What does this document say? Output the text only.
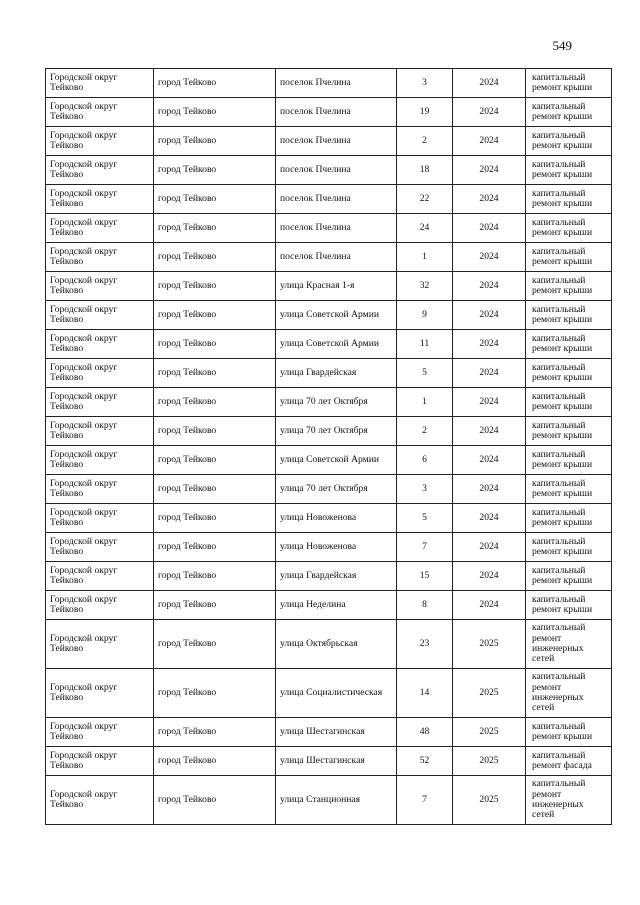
549
Городской округ Тейково	город Тейково	поселок Пчелина	3	2024	капитальный ремонт крыши
Городской округ Тейково	город Тейково	поселок Пчелина	19	2024	капитальный ремонт крыши
Городской округ Тейково	город Тейково	поселок Пчелина	2	2024	капитальный ремонт крыши
Городской округ Тейково	город Тейково	поселок Пчелина	18	2024	капитальный ремонт крыши
Городской округ Тейково	город Тейково	поселок Пчелина	22	2024	капитальный ремонт крыши
Городской округ Тейково	город Тейково	поселок Пчелина	24	2024	капитальный ремонт крыши
Городской округ Тейково	город Тейково	поселок Пчелина	1	2024	капитальный ремонт крыши
Городской округ Тейково	город Тейково	улица Красная 1-я	32	2024	капитальный ремонт крыши
Городской округ Тейково	город Тейково	улица Советской Армии	9	2024	капитальный ремонт крыши
Городской округ Тейково	город Тейково	улица Советской Армии	11	2024	капитальный ремонт крыши
Городской округ Тейково	город Тейково	улица Гвардейская	5	2024	капитальный ремонт крыши
Городской округ Тейково	город Тейково	улица 70 лет Октября	1	2024	капитальный ремонт крыши
Городской округ Тейково	город Тейково	улица 70 лет Октября	2	2024	капитальный ремонт крыши
Городской округ Тейково	город Тейково	улица Советской Армии	6	2024	капитальный ремонт крыши
Городской округ Тейково	город Тейково	улица 70 лет Октября	3	2024	капитальный ремонт крыши
Городской округ Тейково	город Тейково	улица Новоженова	5	2024	капитальный ремонт крыши
Городской округ Тейково	город Тейково	улица Новоженова	7	2024	капитальный ремонт крыши
Городской округ Тейково	город Тейково	улица Гвардейская	15	2024	капитальный ремонт крыши
Городской округ Тейково	город Тейково	улица Неделина	8	2024	капитальный ремонт крыши
Городской округ Тейково	город Тейково	улица Октябрьская	23	2025	капитальный ремонт инженерных сетей
Городской округ Тейково	город Тейково	улица Социалистическая	14	2025	капитальный ремонт инженерных сетей
Городской округ Тейково	город Тейково	улица Шестагинская	48	2025	капитальный ремонт крыши
Городской округ Тейково	город Тейково	улица Шестагинская	52	2025	капитальный ремонт фасада
Городской округ Тейково	город Тейково	улица Станционная	7	2025	капитальный ремонт инженерных сетей
